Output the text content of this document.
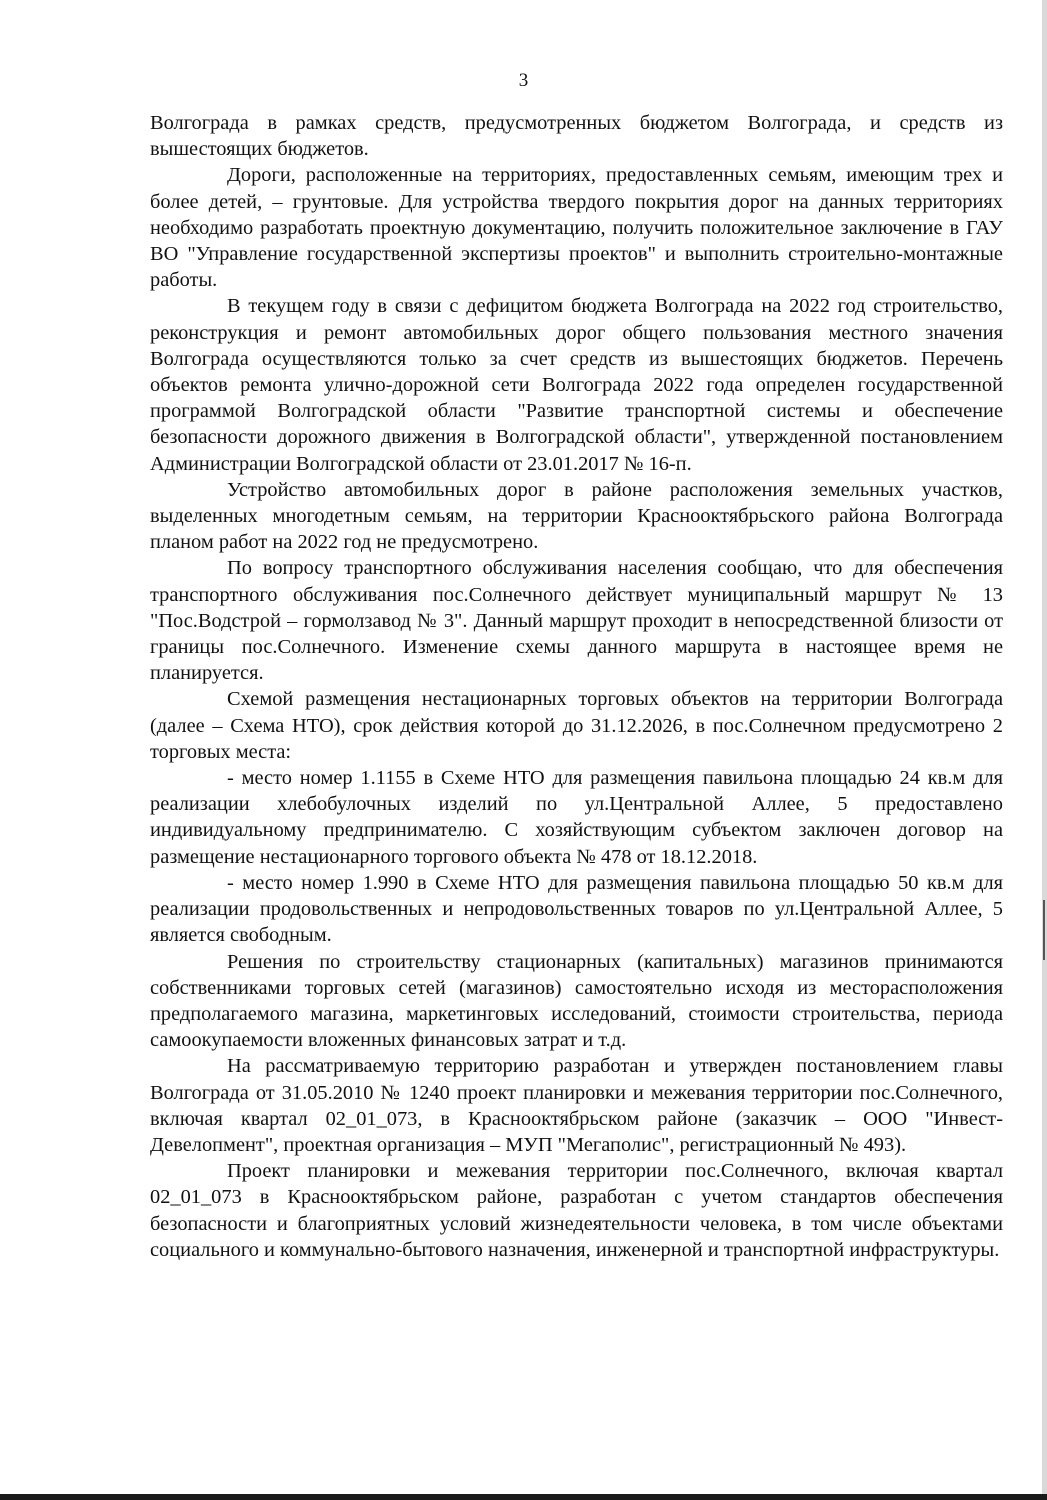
3

Волгограда в рамках средств, предусмотренных бюджетом Волгограда, и средств из вышестоящих бюджетов.

Дороги, расположенные на территориях, предоставленных семьям, имеющим трех и более детей, – грунтовые. Для устройства твердого покрытия дорог на данных территориях необходимо разработать проектную документацию, получить положительное заключение в ГАУ ВО "Управление государственной экспертизы проектов" и выполнить строительно-монтажные работы.

В текущем году в связи с дефицитом бюджета Волгограда на 2022 год строительство, реконструкция и ремонт автомобильных дорог общего пользования местного значения Волгограда осуществляются только за счет средств из вышестоящих бюджетов. Перечень объектов ремонта улично-дорожной сети Волгограда 2022 года определен государственной программой Волгоградской области "Развитие транспортной системы и обеспечение безопасности дорожного движения в Волгоградской области", утвержденной постановлением Администрации Волгоградской области от 23.01.2017 № 16-п.

Устройство автомобильных дорог в районе расположения земельных участков, выделенных многодетным семьям, на территории Краснооктябрьского района Волгограда планом работ на 2022 год не предусмотрено.

По вопросу транспортного обслуживания населения сообщаю, что для обеспечения транспортного обслуживания пос.Солнечного действует муниципальный маршрут № 13 "Пос.Водстрой – гормолзавод № 3". Данный маршрут проходит в непосредственной близости от границы пос.Солнечного. Изменение схемы данного маршрута в настоящее время не планируется.

Схемой размещения нестационарных торговых объектов на территории Волгограда (далее – Схема НТО), срок действия которой до 31.12.2026, в пос.Солнечном предусмотрено 2 торговых места:

- место номер 1.1155 в Схеме НТО для размещения павильона площадью 24 кв.м для реализации хлебобулочных изделий по ул.Центральной Аллее, 5 предоставлено индивидуальному предпринимателю. С хозяйствующим субъектом заключен договор на размещение нестационарного торгового объекта № 478 от 18.12.2018.

- место номер 1.990 в Схеме НТО для размещения павильона площадью 50 кв.м для реализации продовольственных и непродовольственных товаров по ул.Центральной Аллее, 5 является свободным.

Решения по строительству стационарных (капитальных) магазинов принимаются собственниками торговых сетей (магазинов) самостоятельно исходя из месторасположения предполагаемого магазина, маркетинговых исследований, стоимости строительства, периода самоокупаемости вложенных финансовых затрат и т.д.

На рассматриваемую территорию разработан и утвержден постановлением главы Волгограда от 31.05.2010 № 1240 проект планировки и межевания территории пос.Солнечного, включая квартал 02_01_073, в Краснооктябрьском районе (заказчик – ООО "Инвест-Девелопмент", проектная организация – МУП "Мегаполис", регистрационный № 493).

Проект планировки и межевания территории пос.Солнечного, включая квартал 02_01_073 в Краснооктябрьском районе, разработан с учетом стандартов обеспечения безопасности и благоприятных условий жизнедеятельности человека, в том числе объектами социального и коммунально-бытового назначения, инженерной и транспортной инфраструктуры.
